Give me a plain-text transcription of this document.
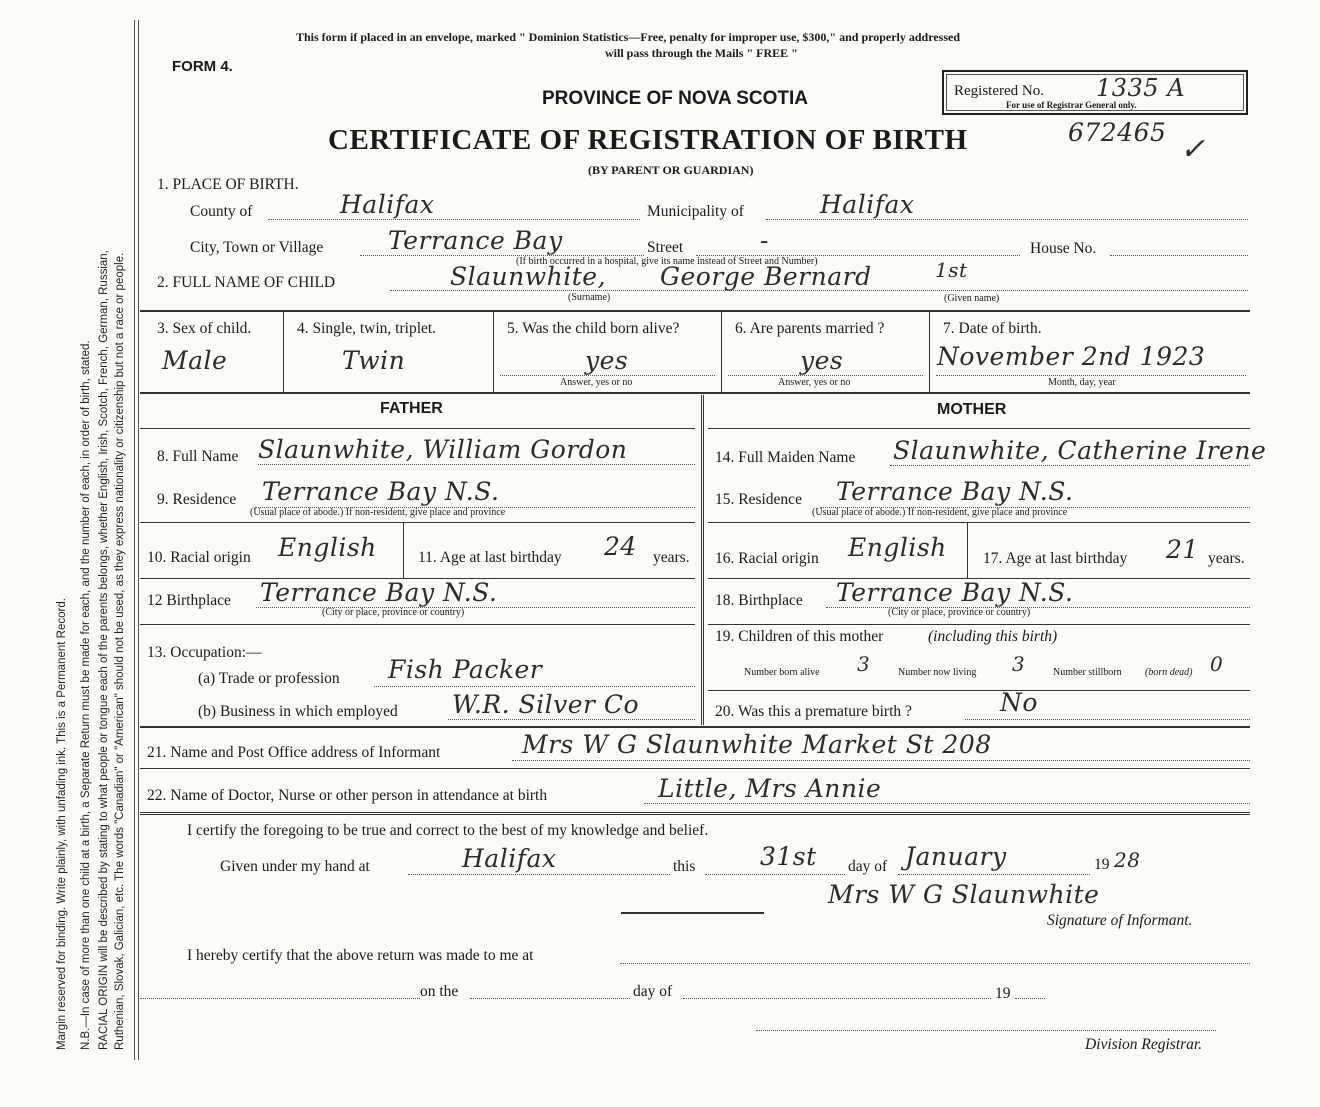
Margin reserved for binding. Write plainly, with unfading ink. This is a Permanent Record. N.B.—In case of more than one child at a birth, a Separate Return must be made for each, and the number of each, in order of birth, stated. RACIAL ORIGIN will be described by stating to what people or tongue each of the parents belongs, whether English, Irish, Scotch, French, German, Russian, Ruthenian, Slovak, Galician, etc. The words "Canadian" or "American" should not be used, as they express nationality or citizenship but not a race or people.
This form if placed in an envelope, marked " Dominion Statistics—Free, penalty for improper use, $300," and properly addressed
will pass through the Mails " FREE "
FORM 4.
PROVINCE OF NOVA SCOTIA
CERTIFICATE OF REGISTRATION OF BIRTH
(BY PARENT OR GUARDIAN)
Registered No. 1335 A
For use of Registrar General only.
672465 ✓
1. PLACE OF BIRTH.
County of	Halifax	Municipality of	Halifax
City, Town or Village	Terrance Bay	Street	-	House No.
(If birth occurred in a hospital, give its name instead of Street and Number)
2. FULL NAME OF CHILD	Slaunwhite, George Bernard	1st
(Surname)	(Given name)
3. Sex of child.
Male
4. Single, twin, triplet.
Twin
5. Was the child born alive?
yes
Answer, yes or no
6. Are parents married ?
yes
Answer, yes or no
7. Date of birth.
November 2nd 1923
Month, day, year
FATHER	MOTHER
8. Full Name Slaunwhite, William Gordon
9. Residence Terrance Bay N.S.
(Usual place of abode.) If non-resident, give place and province
10. Racial origin English	11. Age at last birthday 24 years.
12 Birthplace Terrance Bay N.S.
(City or place, province or country)
13. Occupation:—
(a) Trade or profession Fish Packer
(b) Business in which employed W.R. Silver Co
14. Full Maiden Name Slaunwhite, Catherine Irene
15. Residence Terrance Bay N.S.
(Usual place of abode.) If non-resident, give place and province
16. Racial origin English 17. Age at last birthday 21 years.
18. Birthplace Terrance Bay N.S.
(City or place, province or country)
19. Children of this mother	(including this birth)
Number born alive 3	Number now living 3	Number stillborn (born dead) 0
20. Was this a premature birth ?	No
21. Name and Post Office address of Informant	Mrs W G Slaunwhite Market St 208
22. Name of Doctor, Nurse or other person in attendance at birth	Little, Mrs Annie
I certify the foregoing to be true and correct to the best of my knowledge and belief.
Given under my hand at	Halifax	this	31st day of January	19 28
Mrs W G Slaunwhite
Signature of Informant.
I hereby certify that the above return was made to me at
on the	day of	19
Division Registrar.
